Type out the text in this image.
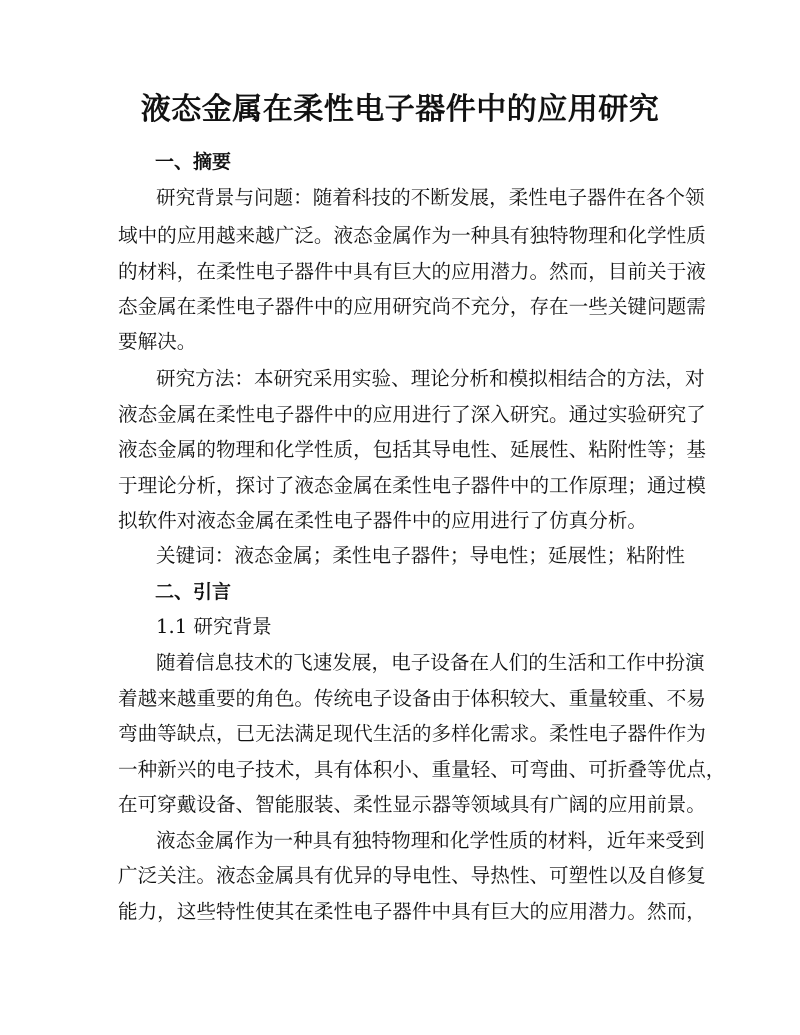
液态金属在柔性电子器件中的应用研究
一、摘要
研究背景与问题：随着科技的不断发展，柔性电子器件在各个领
域中的应用越来越广泛。液态金属作为一种具有独特物理和化学性质
的材料，在柔性电子器件中具有巨大的应用潜力。然而，目前关于液
态金属在柔性电子器件中的应用研究尚不充分，存在一些关键问题需
要解决。
研究方法：本研究采用实验、理论分析和模拟相结合的方法，对
液态金属在柔性电子器件中的应用进行了深入研究。通过实验研究了
液态金属的物理和化学性质，包括其导电性、延展性、粘附性等；基
于理论分析，探讨了液态金属在柔性电子器件中的工作原理；通过模
拟软件对液态金属在柔性电子器件中的应用进行了仿真分析。
关键词：液态金属；柔性电子器件；导电性；延展性；粘附性
二、引言
1.1 研究背景
随着信息技术的飞速发展，电子设备在人们的生活和工作中扮演
着越来越重要的角色。传统电子设备由于体积较大、重量较重、不易
弯曲等缺点，已无法满足现代生活的多样化需求。柔性电子器件作为
一种新兴的电子技术，具有体积小、重量轻、可弯曲、可折叠等优点，
在可穿戴设备、智能服装、柔性显示器等领域具有广阔的应用前景。
液态金属作为一种具有独特物理和化学性质的材料，近年来受到
广泛关注。液态金属具有优异的导电性、导热性、可塑性以及自修复
能力，这些特性使其在柔性电子器件中具有巨大的应用潜力。然而，
